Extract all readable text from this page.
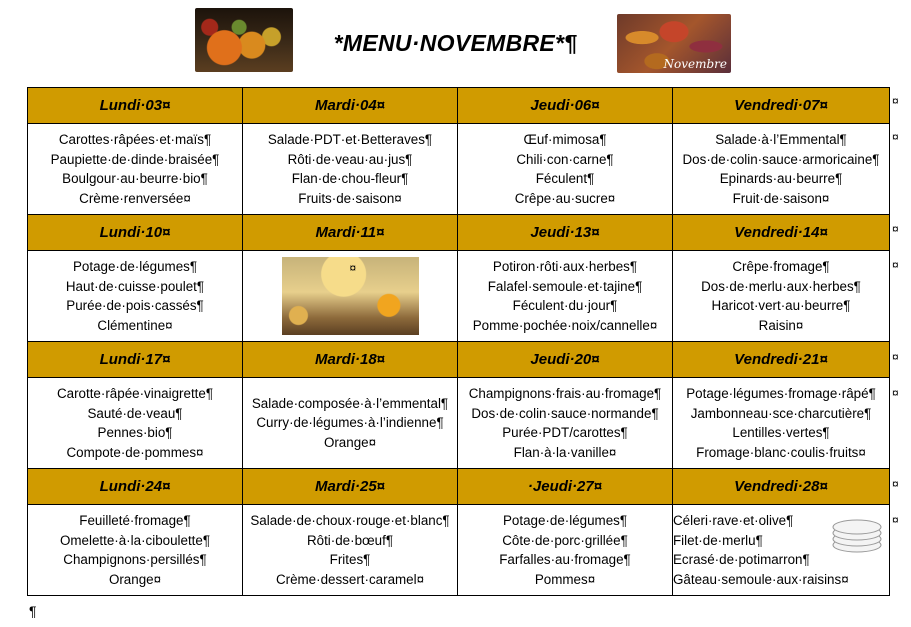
*MENU·NOVEMBRE*¶
Novembre
Lundi·03¤	Mardi·04¤	Jeudi·06¤	Vendredi·07¤

Carottes·râpées·et·maïs¶
Paupiette·de·dinde·braisée¶
Boulgour·au·beurre·bio¶
Crème·renversée¤	Salade·PDT·et·Betteraves¶
Rôti·de·veau·au·jus¶
Flan·de·chou-fleur¶
Fruits·de·saison¤	Œuf·mimosa¶
Chili·con·carne¶
Féculent¶
Crêpe·au·sucre¤	Salade·à·l’Emmental¶
Dos·de·colin·sauce·armoricaine¶
Epinards·au·beurre¶
Fruit·de·saison¤

Lundi·10¤	Mardi·11¤	Jeudi·13¤	Vendredi·14¤

Potage·de·légumes¶
Haut·de·cuisse·poulet¶
Purée·de·pois·cassés¶
Clémentine¤	¤	Potiron·rôti·aux·herbes¶
Falafel·semoule·et·tajine¶
Féculent·du·jour¶
Pomme·pochée·noix/cannelle¤	Crêpe·fromage¶
Dos·de·merlu·aux·herbes¶
Haricot·vert·au·beurre¶
Raisin¤

Lundi·17¤	Mardi·18¤	Jeudi·20¤	Vendredi·21¤

Carotte·râpée·vinaigrette¶
Sauté·de·veau¶
Pennes·bio¶
Compote·de·pommes¤	Salade·composée·à·l’emmental¶
Curry·de·légumes·à·l’indienne¶
Orange¤	Champignons·frais·au·fromage¶
Dos·de·colin·sauce·normande¶
Purée·PDT/carottes¶
Flan·à·la·vanille¤	Potage·légumes·fromage·râpé¶
Jambonneau·sce·charcutière¶
Lentilles·vertes¶
Fromage·blanc·coulis·fruits¤

Lundi·24¤	Mardi·25¤	·Jeudi·27¤	Vendredi·28¤

Feuilleté·fromage¶
Omelette·à·la·ciboulette¶
Champignons·persillés¶
Orange¤	Salade·de·choux·rouge·et·blanc¶
Rôti·de·bœuf¶
Frites¶
Crème·dessert·caramel¤	Potage·de·légumes¶
Côte·de·porc·grillée¶
Farfalles·au·fromage¶
Pommes¤	Céleri·rave·et·olive¶
Filet·de·merlu¶
Ecrasé·de·potimarron¶
Gâteau·semoule·aux·raisins¤
¤
¤
¤
¤
¤
¤
¤
¤
¶
